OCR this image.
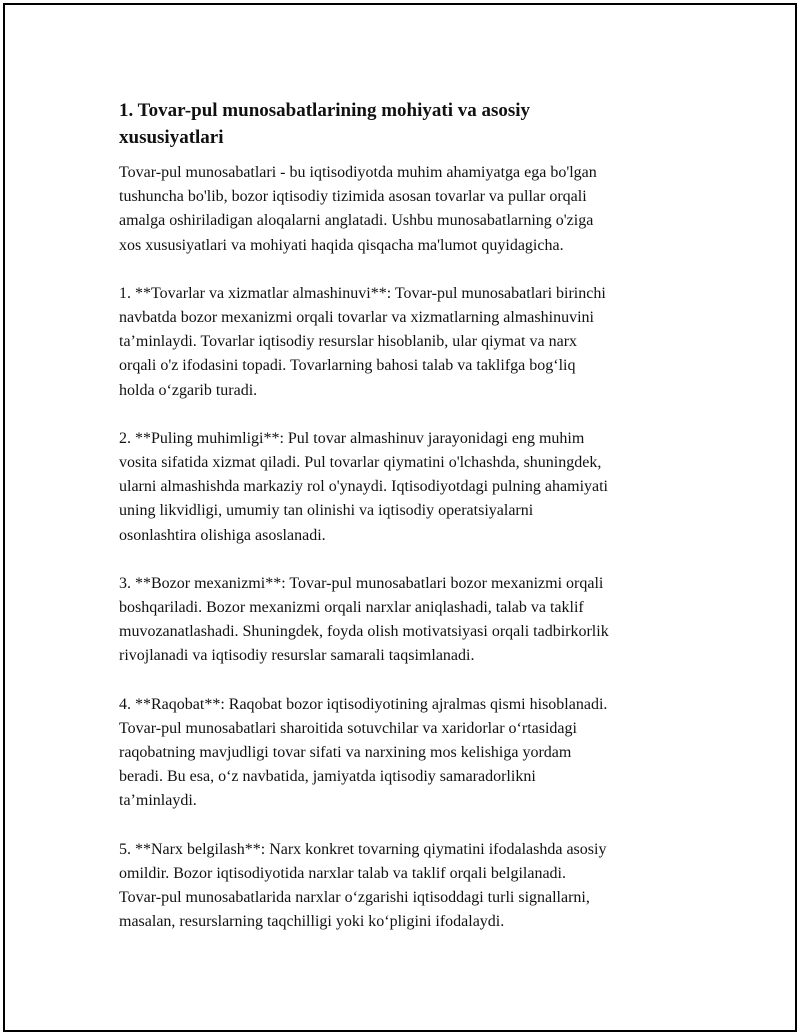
1. Tovar-pul munosabatlarining mohiyati va asosiy
xususiyatlari
Tovar-pul munosabatlari - bu iqtisodiyotda muhim ahamiyatga ega bo'lgan
tushuncha bo'lib, bozor iqtisodiy tizimida asosan tovarlar va pullar orqali
amalga oshiriladigan aloqalarni anglatadi. Ushbu munosabatlarning o'ziga
xos xususiyatlari va mohiyati haqida qisqacha ma'lumot quyidagicha.
1. **Tovarlar va xizmatlar almashinuvi**: Tovar-pul munosabatlari birinchi
navbatda bozor mexanizmi orqali tovarlar va xizmatlarning almashinuvini
ta’minlaydi. Tovarlar iqtisodiy resurslar hisoblanib, ular qiymat va narx
orqali o'z ifodasini topadi. Tovarlarning bahosi talab va taklifga bog‘liq
holda o‘zgarib turadi.
2. **Puling muhimligi**: Pul tovar almashinuv jarayonidagi eng muhim
vosita sifatida xizmat qiladi. Pul tovarlar qiymatini o'lchashda, shuningdek,
ularni almashishda markaziy rol o'ynaydi. Iqtisodiyotdagi pulning ahamiyati
uning likvidligi, umumiy tan olinishi va iqtisodiy operatsiyalarni
osonlashtira olishiga asoslanadi.
3. **Bozor mexanizmi**: Tovar-pul munosabatlari bozor mexanizmi orqali
boshqariladi. Bozor mexanizmi orqali narxlar aniqlashadi, talab va taklif
muvozanatlashadi. Shuningdek, foyda olish motivatsiyasi orqali tadbirkorlik
rivojlanadi va iqtisodiy resurslar samarali taqsimlanadi.
4. **Raqobat**: Raqobat bozor iqtisodiyotining ajralmas qismi hisoblanadi.
Tovar-pul munosabatlari sharoitida sotuvchilar va xaridorlar o‘rtasidagi
raqobatning mavjudligi tovar sifati va narxining mos kelishiga yordam
beradi. Bu esa, o‘z navbatida, jamiyatda iqtisodiy samaradorlikni
ta’minlaydi.
5. **Narx belgilash**: Narx konkret tovarning qiymatini ifodalashda asosiy
omildir. Bozor iqtisodiyotida narxlar talab va taklif orqali belgilanadi.
Tovar-pul munosabatlarida narxlar o‘zgarishi iqtisoddagi turli signallarni,
masalan, resurslarning taqchilligi yoki ko‘pligini ifodalaydi.
